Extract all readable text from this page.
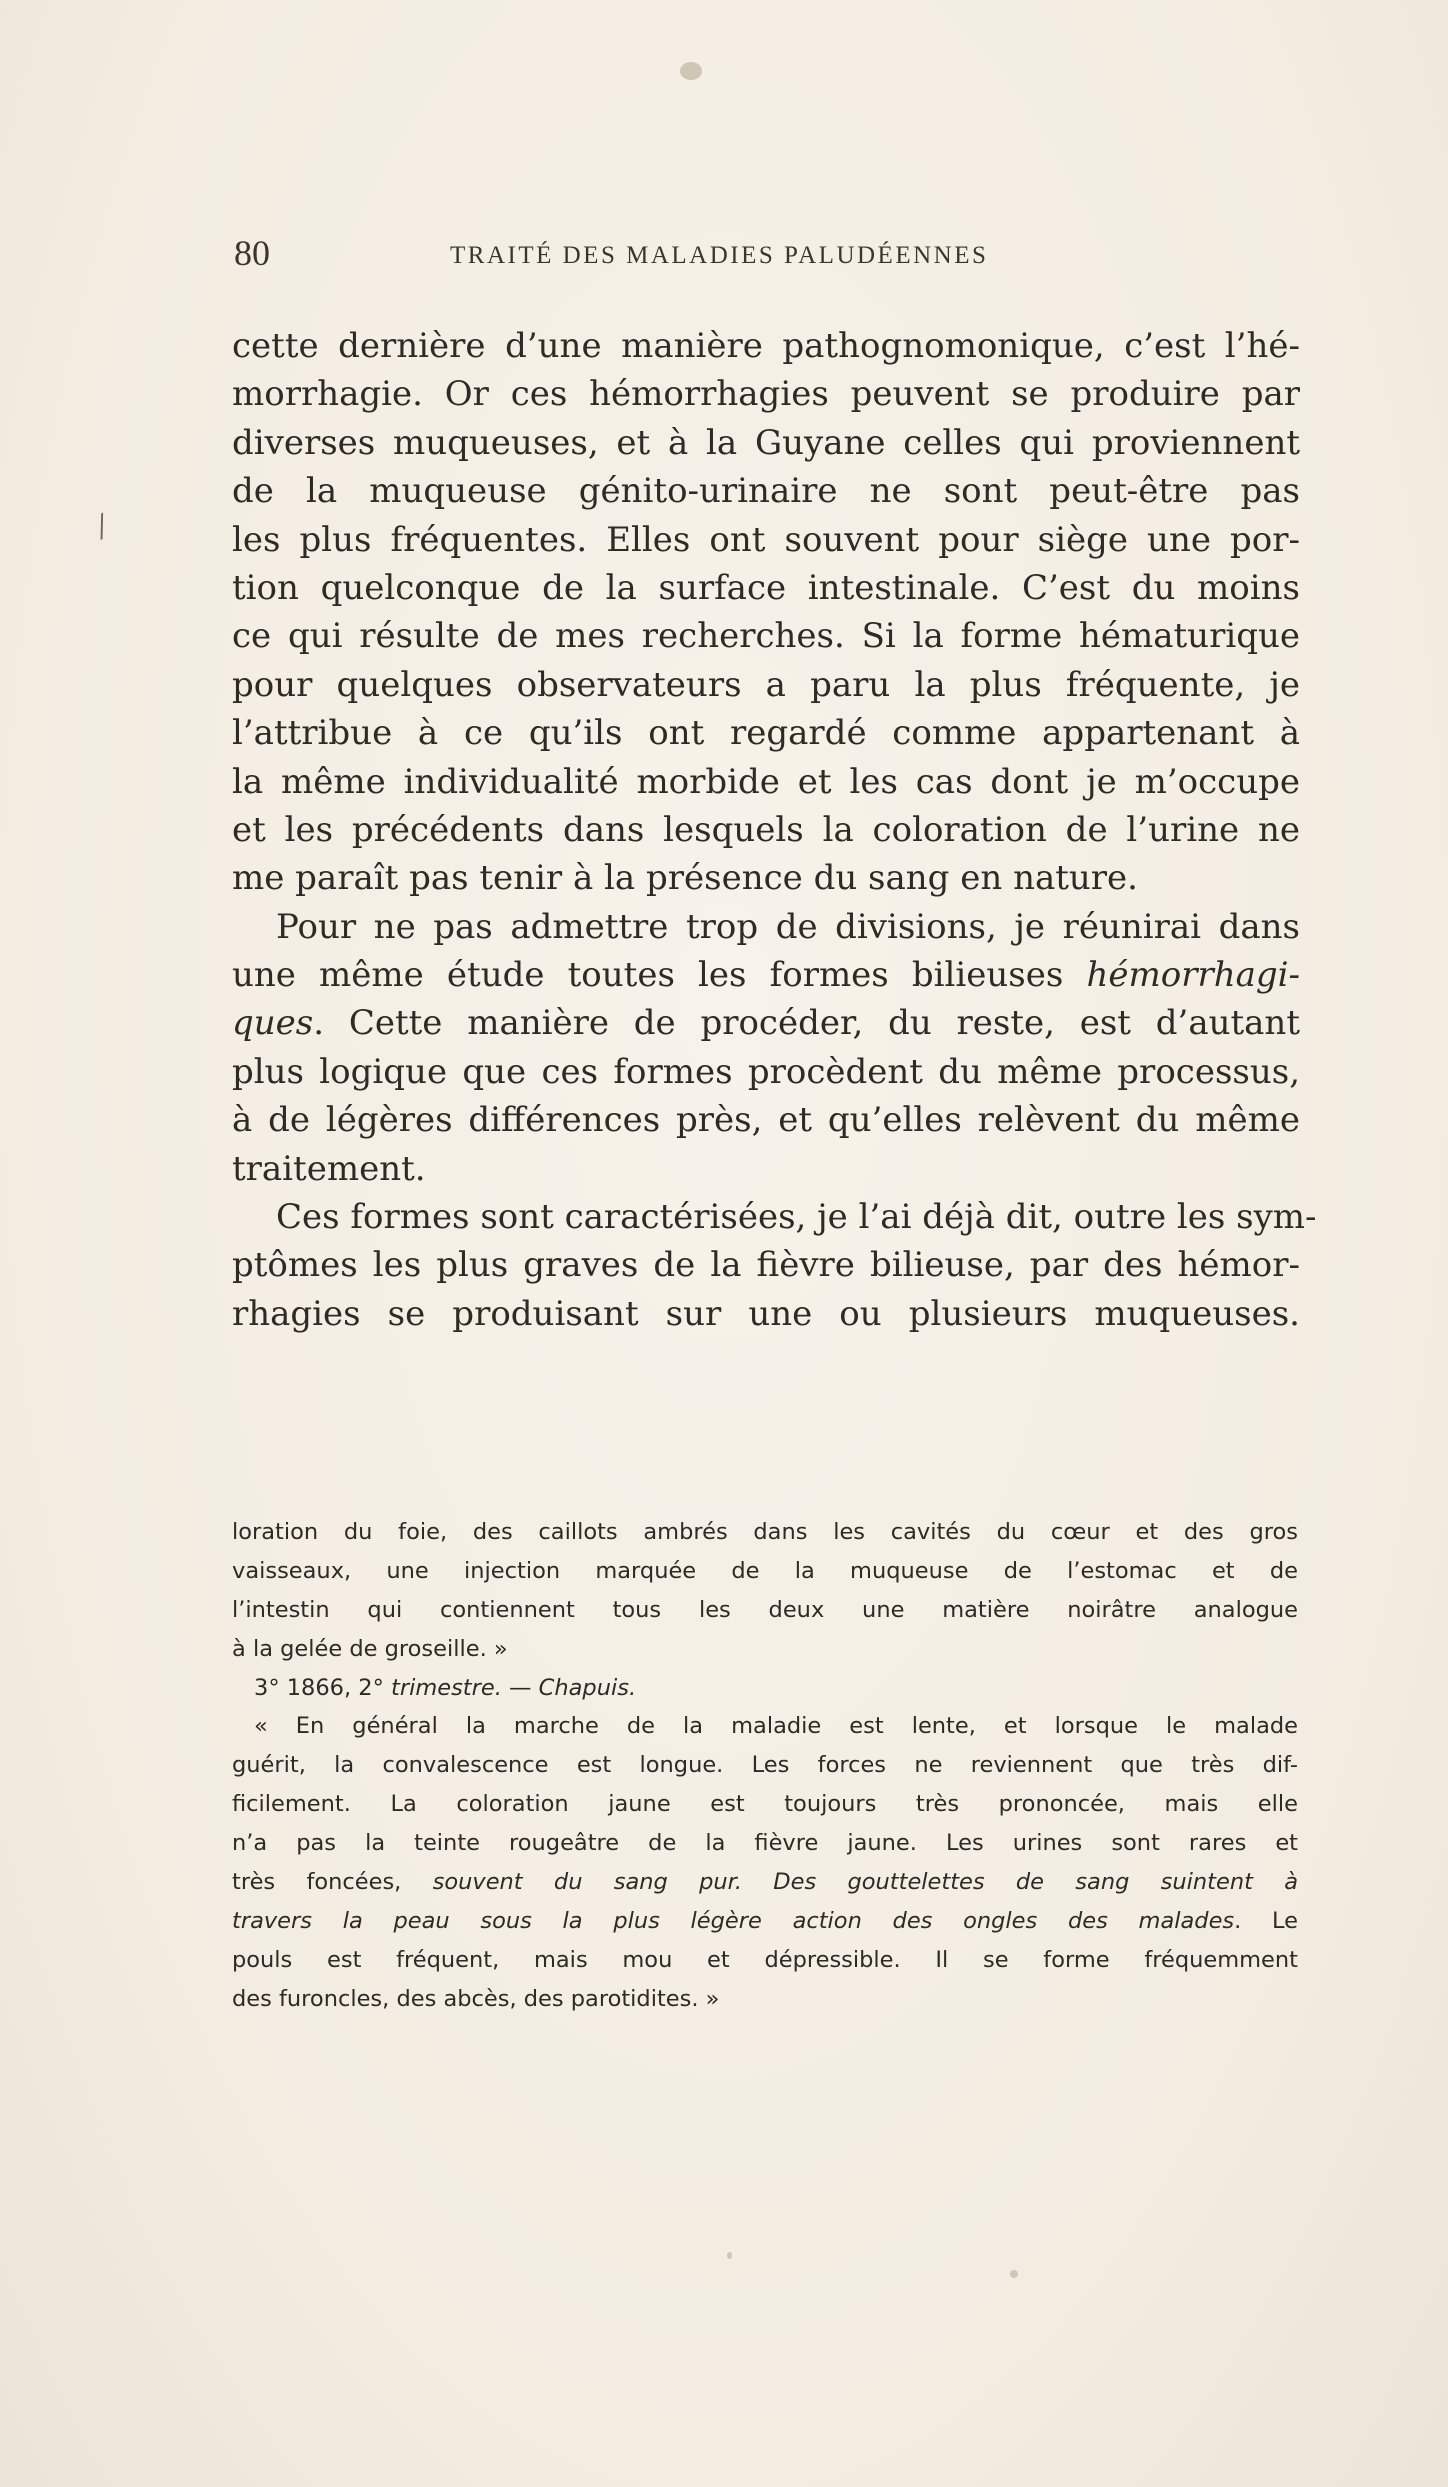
80	TRAITÉ DES MALADIES PALUDÉENNES
⁄
cette dernière d’une manière pathognomonique, c’est l’hé-
morrhagie. Or ces hémorrhagies peuvent se produire par
diverses muqueuses, et à la Guyane celles qui proviennent
de la muqueuse génito-urinaire ne sont peut-être pas
les plus fréquentes. Elles ont souvent pour siège une por-
tion quelconque de la surface intestinale. C’est du moins
ce qui résulte de mes recherches. Si la forme hématurique
pour quelques observateurs a paru la plus fréquente, je
l’attribue à ce qu’ils ont regardé comme appartenant à
la même individualité morbide et les cas dont je m’occupe
et les précédents dans lesquels la coloration de l’urine ne
me paraît pas tenir à la présence du sang en nature.
Pour ne pas admettre trop de divisions, je réunirai dans
une même étude toutes les formes bilieuses hémorrhagi-
ques. Cette manière de procéder, du reste, est d’autant
plus logique que ces formes procèdent du même processus,
à de légères différences près, et qu’elles relèvent du même
traitement.
Ces formes sont caractérisées, je l’ai déjà dit, outre les sym-
ptômes les plus graves de la fièvre bilieuse, par des hémor-
rhagies se produisant sur une ou plusieurs muqueuses.
loration du foie, des caillots ambrés dans les cavités du cœur et des gros
vaisseaux, une injection marquée de la muqueuse de l’estomac et de
l’intestin qui contiennent tous les deux une matière noirâtre analogue
à la gelée de groseille. »
3° 1866, 2° trimestre. — Chapuis.
« En général la marche de la maladie est lente, et lorsque le malade
guérit, la convalescence est longue. Les forces ne reviennent que très dif-
ficilement. La coloration jaune est toujours très prononcée, mais elle
n’a pas la teinte rougeâtre de la fièvre jaune. Les urines sont rares et
très foncées, souvent du sang pur. Des gouttelettes de sang suintent à
travers la peau sous la plus légère action des ongles des malades. Le
pouls est fréquent, mais mou et dépressible. Il se forme fréquemment
des furoncles, des abcès, des parotidites. »
